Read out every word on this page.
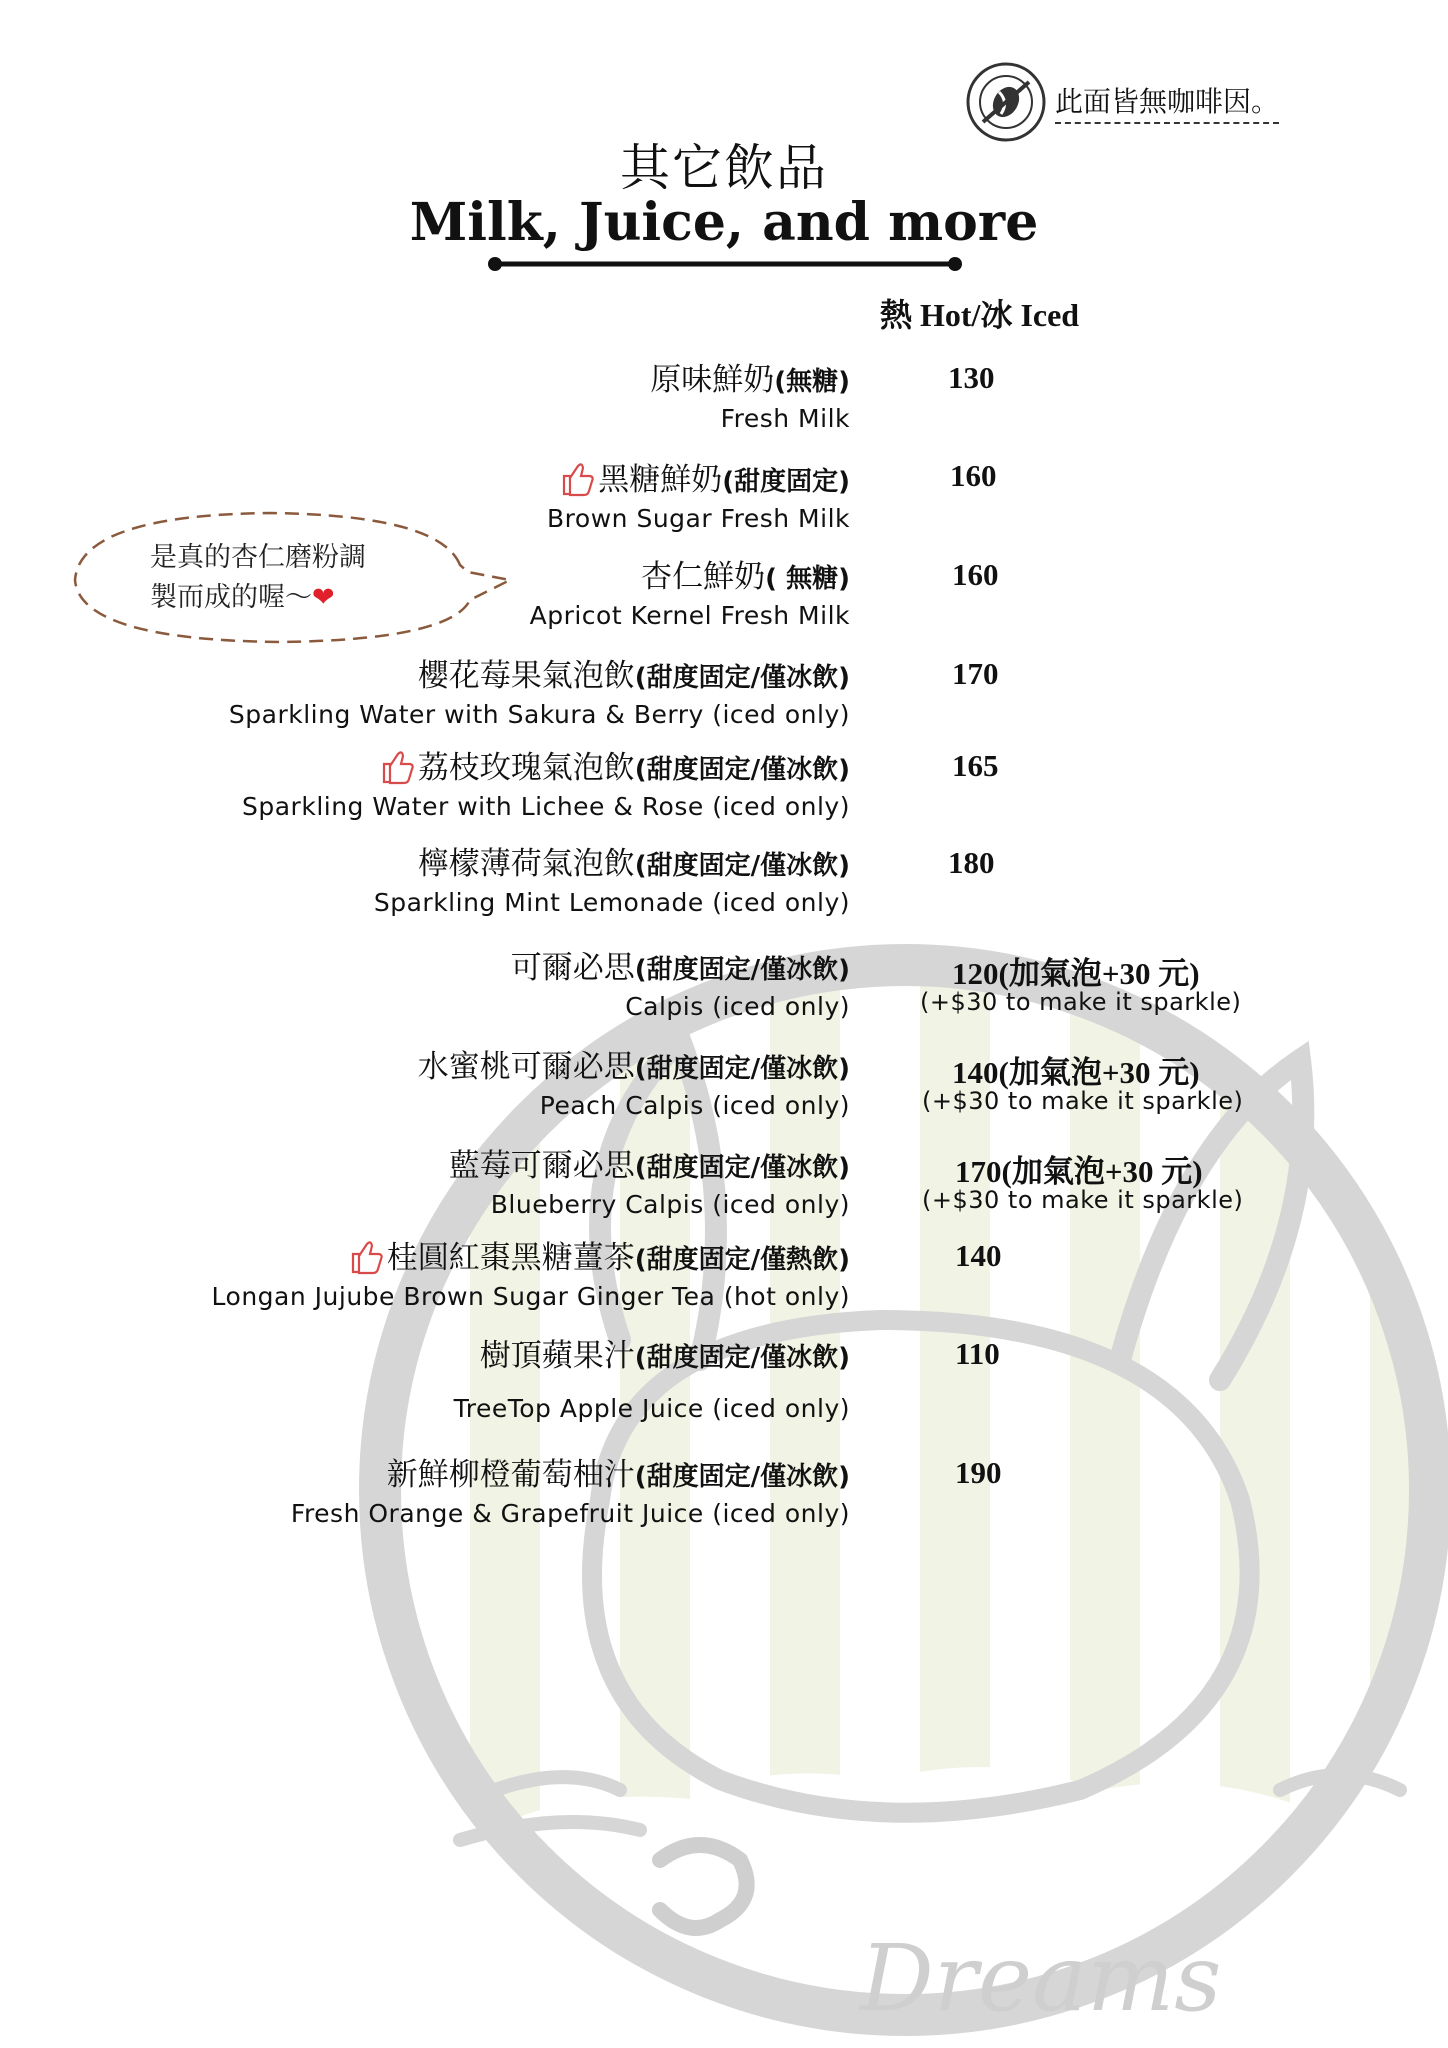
Dreams
此面皆無咖啡因。
其它飲品
Milk, Juice, and more
熱 Hot/冰 Iced
是真的杏仁磨粉調
製而成的喔～❤
原味鮮奶(無糖)
Fresh Milk
130
黑糖鮮奶(甜度固定)
Brown Sugar Fresh Milk
160
杏仁鮮奶( 無糖)
Apricot Kernel Fresh Milk
160
櫻花莓果氣泡飲(甜度固定/僅冰飲)
Sparkling Water with Sakura & Berry (iced only)
170
荔枝玫瑰氣泡飲(甜度固定/僅冰飲)
Sparkling Water with Lichee & Rose (iced only)
165
檸檬薄荷氣泡飲(甜度固定/僅冰飲)
Sparkling Mint Lemonade (iced only)
180
可爾必思(甜度固定/僅冰飲)
Calpis (iced only)
120(加氣泡+30 元)
(+$30 to make it sparkle)
水蜜桃可爾必思(甜度固定/僅冰飲)
Peach Calpis (iced only)
140(加氣泡+30 元)
(+$30 to make it sparkle)
藍莓可爾必思(甜度固定/僅冰飲)
Blueberry Calpis (iced only)
170(加氣泡+30 元)
(+$30 to make it sparkle)
桂圓紅棗黑糖薑茶(甜度固定/僅熱飲)
Longan Jujube Brown Sugar Ginger Tea (hot only)
140
樹頂蘋果汁(甜度固定/僅冰飲)
TreeTop Apple Juice (iced only)
110
新鮮柳橙葡萄柚汁(甜度固定/僅冰飲)
Fresh Orange & Grapefruit Juice (iced only)
190
